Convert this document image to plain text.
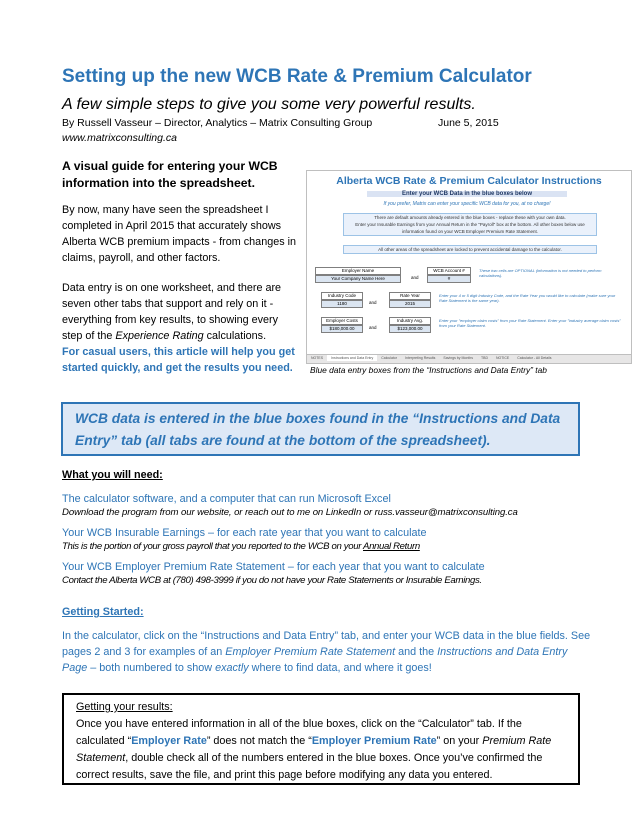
Setting up the new WCB Rate & Premium Calculator
A few simple steps to give you some very powerful results.
By Russell Vasseur – Director, Analytics – Matrix Consulting Group	June 5, 2015
www.matrixconsulting.ca
A visual guide for entering your WCB information into the spreadsheet.

By now, many have seen the spreadsheet I completed in April 2015 that accurately shows Alberta WCB premium impacts - from changes in claims, payroll, and other factors.

Data entry is on one worksheet, and there are seven other tabs that support and rely on it - everything from key results, to showing every step of the Experience Rating calculations.
For casual users, this article will help you get started quickly, and get the results you need.

Alberta WCB Rate & Premium Calculator Instructions
Enter your WCB Data in the blue boxes below
If you prefer, Matrix can enter your specific WCB data for you, at no charge!
There are default amounts already entered in the blue boxes - replace these with your own data.
Enter your Insurable Earnings from your Annual Return in the "Payroll" box at the bottom. All other boxes below use information found on your WCB Employer Premium Rate Statement.
All other areas of the spreadsheet are locked to prevent accidental damage to the calculator.
Employer Name
Your Company Name Here	and
WCB Account #
#
These two cells are OPTIONAL (information is not needed to perform calculations).
Industry Code
1180	and
Rate Year
2015
Enter your 4 or 5 digit Industry Code, and the Rate Year you would like to calculate (make sure your Rate Statement is the same year).
Employer Costs
$180,000.00	and
Industry Avg.
$123,000.00
Enter your "employer claim costs" from your Rate Statement. Enter your "industry average claim costs" from your Rate Statement.
NOTES Instructions and Data Entry Calculator Interpreting Results Savings by Months TBD NOTICE Calculator - All Details
Blue data entry boxes from the “Instructions and Data Entry” tab
WCB data is entered in the blue boxes found in the “Instructions and Data Entry” tab (all tabs are found at the bottom of the spreadsheet).
What you will need:
The calculator software, and a computer that can run Microsoft Excel
Download the program from our website, or reach out to me on LinkedIn or russ.vasseur@matrixconsulting.ca
Your WCB Insurable Earnings – for each rate year that you want to calculate
This is the portion of your gross payroll that you reported to the WCB on your Annual Return
Your WCB Employer Premium Rate Statement – for each year that you want to calculate
Contact the Alberta WCB at (780) 498-3999 if you do not have your Rate Statements or Insurable Earnings.
Getting Started:
In the calculator, click on the “Instructions and Data Entry” tab, and enter your WCB data in the blue fields. See pages 2 and 3 for examples of an Employer Premium Rate Statement and the Instructions and Data Entry Page – both numbered to show exactly where to find data, and where it goes!
Getting your results:
Once you have entered information in all of the blue boxes, click on the “Calculator” tab. If the calculated “Employer Rate” does not match the “Employer Premium Rate” on your Premium Rate Statement, double check all of the numbers entered in the blue boxes. Once you’ve confirmed the correct results, save the file, and print this page before modifying any data you entered.
